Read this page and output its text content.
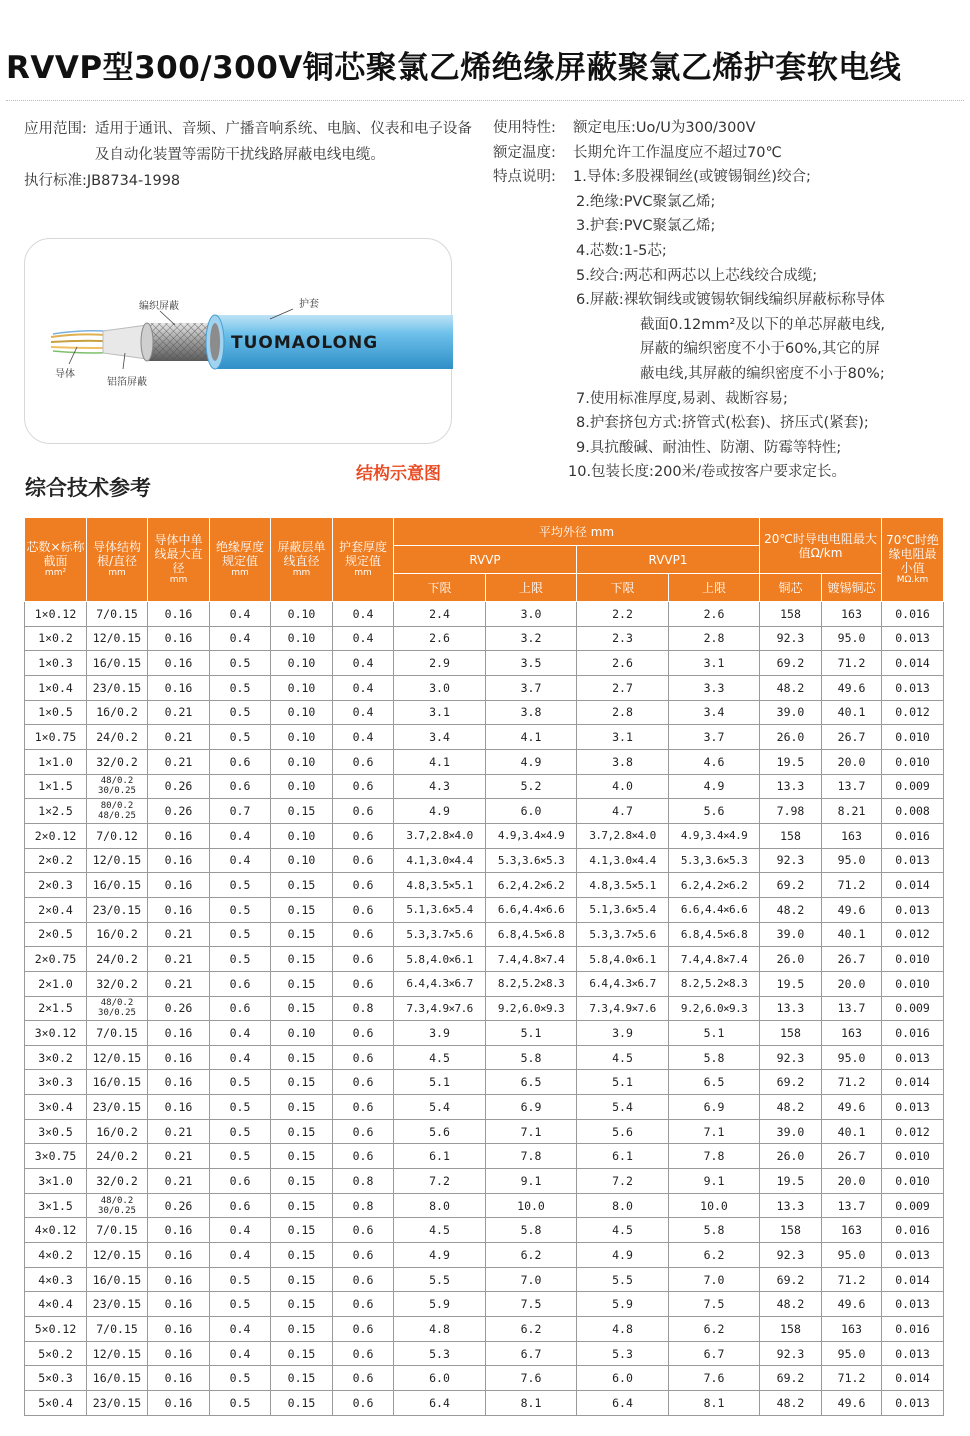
RVVP型300/300V铜芯聚氯乙烯绝缘屏蔽聚氯乙烯护套软电线
应用范围: 适用于通讯、音频、广播音响系统、电脑、仪表和电子设备及自动化装置等需防干扰线路屏蔽电线电缆。
执行标准: JB8734-1998
使用特性:	额定电压:Uo/U为300/300V
额定温度:	长期允许工作温度应不超过70℃
特点说明:	1.导体:多股裸铜丝(或镀锡铜丝)绞合;
2.绝缘:PVC聚氯乙烯;
3.护套:PVC聚氯乙烯;
4.芯数:1-5芯;
5.绞合:两芯和两芯以上芯线绞合成缆;
6.屏蔽:裸软铜线或镀锡软铜线编织屏蔽标称导体
截面0.12mm²及以下的单芯屏蔽电线,
屏蔽的编织密度不小于60%,其它的屏
蔽电线,其屏蔽的编织密度不小于80%;
7.使用标准厚度,易剥、裁断容易;
8.护套挤包方式:挤管式(松套)、挤压式(紧套);
9.具抗酸碱、耐油性、防潮、防霉等特性;
10.包装长度:200米/卷或按客户要求定长。
编织屏蔽	护套
导体
铝箔屏蔽
TUOMAOLONG
结构示意图
综合技术参考
芯数×标称截面
mm²	导体结构根/直径
mm	导体中单线最大直径
mm	绝缘厚度规定值
mm	屏蔽层单线直径
mm	护套厚度规定值
mm	平均外径 mm				20℃时导电电阻最大值Ω/km		70℃时绝缘电阻最小值
MΩ.km

						RVVP		RVVP1				
						下限	上限	下限	上限	铜芯	镀锡铜芯	
1×0.12	7/0.15	0.16	0.4	0.10	0.4	2.4	3.0	2.2	2.6	158	163	0.016
1×0.2	12/0.15	0.16	0.4	0.10	0.4	2.6	3.2	2.3	2.8	92.3	95.0	0.013
1×0.3	16/0.15	0.16	0.5	0.10	0.4	2.9	3.5	2.6	3.1	69.2	71.2	0.014
1×0.4	23/0.15	0.16	0.5	0.10	0.4	3.0	3.7	2.7	3.3	48.2	49.6	0.013
1×0.5	16/0.2	0.21	0.5	0.10	0.4	3.1	3.8	2.8	3.4	39.0	40.1	0.012
1×0.75	24/0.2	0.21	0.5	0.10	0.4	3.4	4.1	3.1	3.7	26.0	26.7	0.010
1×1.0	32/0.2	0.21	0.6	0.10	0.6	4.1	4.9	3.8	4.6	19.5	20.0	0.010
1×1.5	48/0.2
30/0.25	0.26	0.6	0.10	0.6	4.3	5.2	4.0	4.9	13.3	13.7	0.009
1×2.5	80/0.2
48/0.25	0.26	0.7	0.15	0.6	4.9	6.0	4.7	5.6	7.98	8.21	0.008
2×0.12	7/0.12	0.16	0.4	0.10	0.6	3.7,2.8×4.0	4.9,3.4×4.9	3.7,2.8×4.0	4.9,3.4×4.9	158	163	0.016
2×0.2	12/0.15	0.16	0.4	0.10	0.6	4.1,3.0×4.4	5.3,3.6×5.3	4.1,3.0×4.4	5.3,3.6×5.3	92.3	95.0	0.013
2×0.3	16/0.15	0.16	0.5	0.15	0.6	4.8,3.5×5.1	6.2,4.2×6.2	4.8,3.5×5.1	6.2,4.2×6.2	69.2	71.2	0.014
2×0.4	23/0.15	0.16	0.5	0.15	0.6	5.1,3.6×5.4	6.6,4.4×6.6	5.1,3.6×5.4	6.6,4.4×6.6	48.2	49.6	0.013
2×0.5	16/0.2	0.21	0.5	0.15	0.6	5.3,3.7×5.6	6.8,4.5×6.8	5.3,3.7×5.6	6.8,4.5×6.8	39.0	40.1	0.012
2×0.75	24/0.2	0.21	0.5	0.15	0.6	5.8,4.0×6.1	7.4,4.8×7.4	5.8,4.0×6.1	7.4,4.8×7.4	26.0	26.7	0.010
2×1.0	32/0.2	0.21	0.6	0.15	0.6	6.4,4.3×6.7	8.2,5.2×8.3	6.4,4.3×6.7	8.2,5.2×8.3	19.5	20.0	0.010
2×1.5	48/0.2
30/0.25	0.26	0.6	0.15	0.8	7.3,4.9×7.6	9.2,6.0×9.3	7.3,4.9×7.6	9.2,6.0×9.3	13.3	13.7	0.009
3×0.12	7/0.15	0.16	0.4	0.10	0.6	3.9	5.1	3.9	5.1	158	163	0.016
3×0.2	12/0.15	0.16	0.4	0.15	0.6	4.5	5.8	4.5	5.8	92.3	95.0	0.013
3×0.3	16/0.15	0.16	0.5	0.15	0.6	5.1	6.5	5.1	6.5	69.2	71.2	0.014
3×0.4	23/0.15	0.16	0.5	0.15	0.6	5.4	6.9	5.4	6.9	48.2	49.6	0.013
3×0.5	16/0.2	0.21	0.5	0.15	0.6	5.6	7.1	5.6	7.1	39.0	40.1	0.012
3×0.75	24/0.2	0.21	0.5	0.15	0.6	6.1	7.8	6.1	7.8	26.0	26.7	0.010
3×1.0	32/0.2	0.21	0.6	0.15	0.8	7.2	9.1	7.2	9.1	19.5	20.0	0.010
3×1.5	48/0.2
30/0.25	0.26	0.6	0.15	0.8	8.0	10.0	8.0	10.0	13.3	13.7	0.009
4×0.12	7/0.15	0.16	0.4	0.15	0.6	4.5	5.8	4.5	5.8	158	163	0.016
4×0.2	12/0.15	0.16	0.4	0.15	0.6	4.9	6.2	4.9	6.2	92.3	95.0	0.013
4×0.3	16/0.15	0.16	0.5	0.15	0.6	5.5	7.0	5.5	7.0	69.2	71.2	0.014
4×0.4	23/0.15	0.16	0.5	0.15	0.6	5.9	7.5	5.9	7.5	48.2	49.6	0.013
5×0.12	7/0.15	0.16	0.4	0.15	0.6	4.8	6.2	4.8	6.2	158	163	0.016
5×0.2	12/0.15	0.16	0.4	0.15	0.6	5.3	6.7	5.3	6.7	92.3	95.0	0.013
5×0.3	16/0.15	0.16	0.5	0.15	0.6	6.0	7.6	6.0	7.6	69.2	71.2	0.014
5×0.4	23/0.15	0.16	0.5	0.15	0.6	6.4	8.1	6.4	8.1	48.2	49.6	0.013
